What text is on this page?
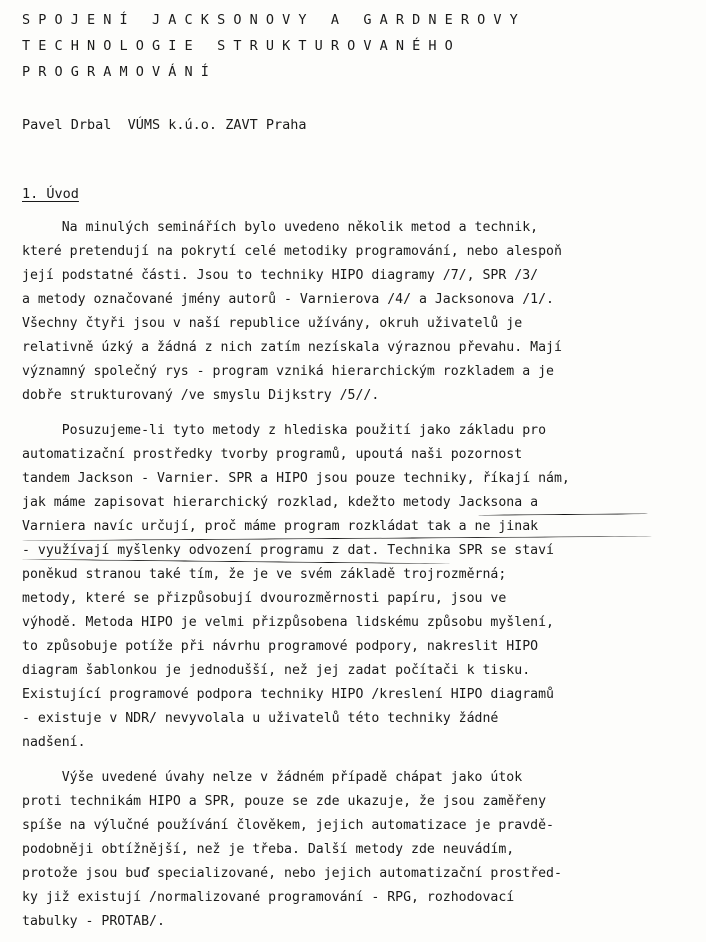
S P O J E N Í   J A C K S O N O V Y   A   G A R D N E R O V Y
T E C H N O L O G I E   S T R U K T U R O V A N É H O
P R O G R A M O V Á N Í
Pavel Drbal  VÚMS k.ú.o. ZAVT Praha
1. Úvod
Na minulých seminářích bylo uvedeno několik metod a technik,
které pretendují na pokrytí celé metodiky programování, nebo alespoň
její podstatné části. Jsou to techniky HIPO diagramy /7/, SPR /3/
a metody označované jmény autorů - Varnierova /4/ a Jacksonova /1/.
Všechny čtyři jsou v naší republice užívány, okruh uživatelů je
relativně úzký a žádná z nich zatím nezískala výraznou převahu. Mají
významný společný rys - program vzniká hierarchickým rozkladem a je
dobře strukturovaný /ve smyslu Dijkstry /5//.
Posuzujeme-li tyto metody z hlediska použití jako základu pro
automatizační prostředky tvorby programů, upoutá naši pozornost
tandem Jackson - Varnier. SPR a HIPO jsou pouze techniky, říkají nám,
jak máme zapisovat hierarchický rozklad, kdežto metody Jacksona a
Varniera navíc určují, proč máme program rozkládat tak a ne jinak
- využívají myšlenky odvození programu z dat. Technika SPR se staví
poněkud stranou také tím, že je ve svém základě trojrozměrná;
metody, které se přizpůsobují dvourozměrnosti papíru, jsou ve
výhodě. Metoda HIPO je velmi přizpůsobena lidskému způsobu myšlení,
to způsobuje potíže při návrhu programové podpory, nakreslit HIPO
diagram šablonkou je jednodušší, než jej zadat počítači k tisku.
Existující programové podpora techniky HIPO /kreslení HIPO diagramů
- existuje v NDR/ nevyvolala u uživatelů této techniky žádné
nadšení.
Výše uvedené úvahy nelze v žádném případě chápat jako útok
proti technikám HIPO a SPR, pouze se zde ukazuje, že jsou zaměřeny
spíše na výlučné používání člověkem, jejich automatizace je pravdě-
podobněji obtížnější, než je třeba. Další metody zde neuvádím,
protože jsou buď specializované, nebo jejich automatizační prostřed-
ky již existují /normalizované programování - RPG, rozhodovací
tabulky - PROTAB/.
